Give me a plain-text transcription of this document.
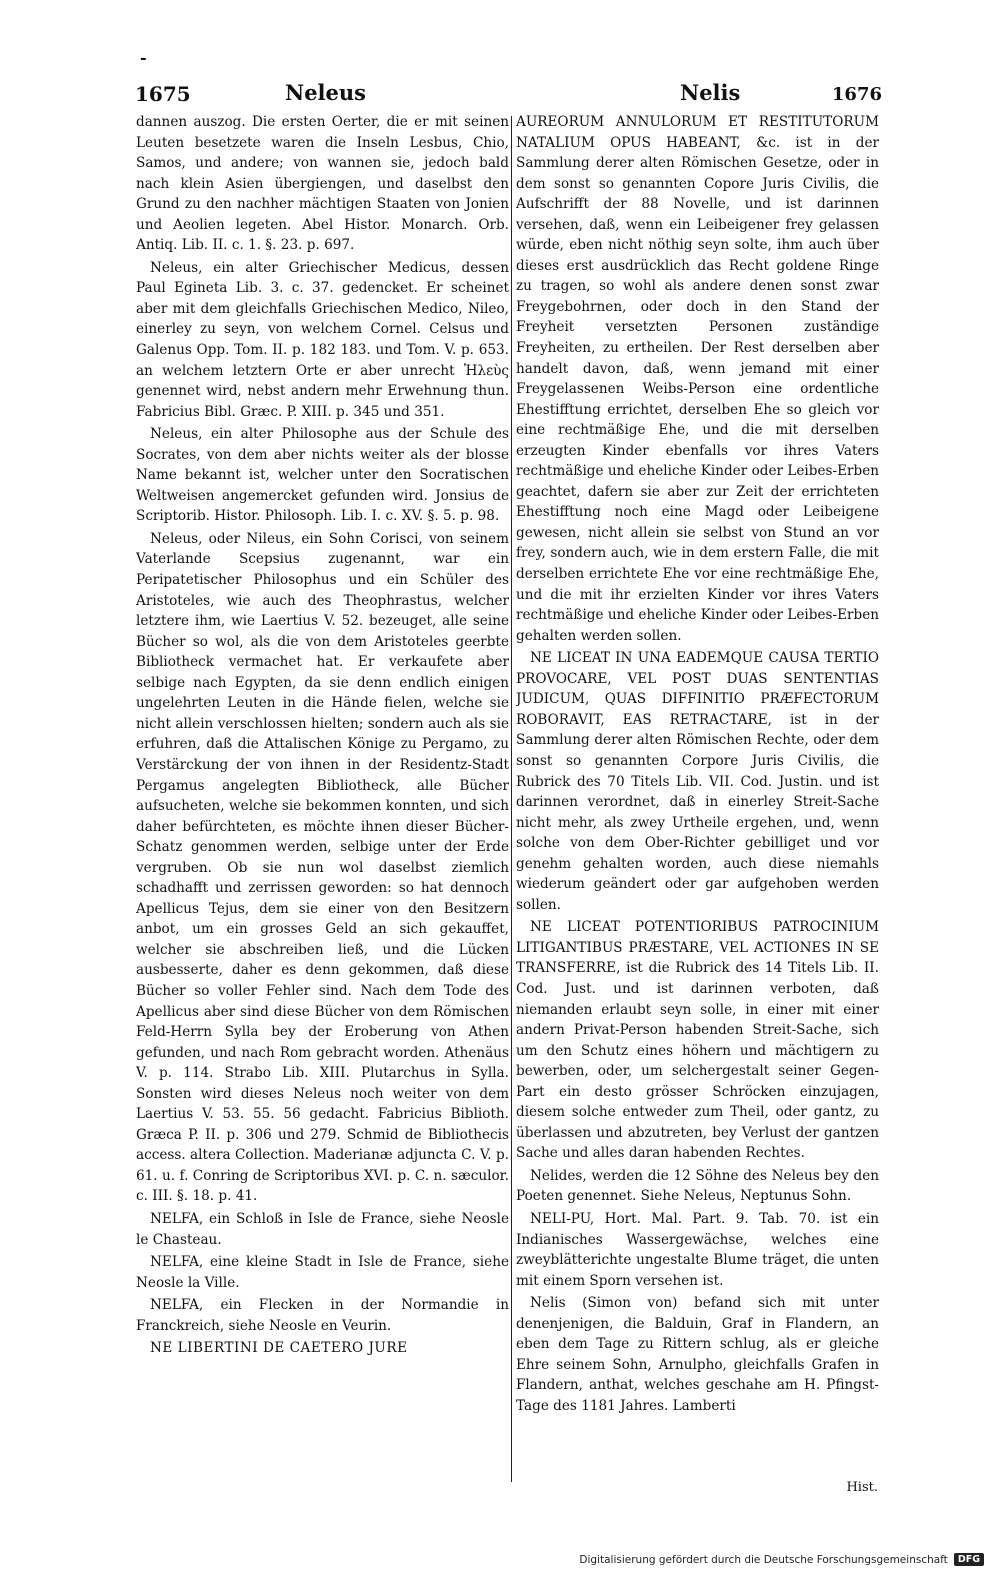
-
1675	Neleus	Nelis	1676

dannen auszog. Die ersten Oerter, die er mit seinen Leuten besetzete waren die Inseln Lesbus, Chio, Samos, und andere; von wannen sie, jedoch bald nach klein Asien übergiengen, und daselbst den Grund zu den nachher mächtigen Staaten von Jonien und Aeolien legeten. Abel Histor. Monarch. Orb. Antiq. Lib. II. c. 1. §. 23. p. 697.

Neleus, ein alter Griechischer Medicus, dessen Paul Egineta Lib. 3. c. 37. gedencket. Er scheinet aber mit dem gleichfalls Griechischen Medico, Nileo, einerley zu seyn, von welchem Cornel. Celsus und Galenus Opp. Tom. II. p. 182 183. und Tom. V. p. 653. an welchem letztern Orte er aber unrecht Ἠλεὺς genennet wird, nebst andern mehr Erwehnung thun. Fabricius Bibl. Græc. P. XIII. p. 345 und 351.

Neleus, ein alter Philosophe aus der Schule des Socrates, von dem aber nichts weiter als der blosse Name bekannt ist, welcher unter den Socratischen Weltweisen angemercket gefunden wird. Jonsius de Scriptorib. Histor. Philosoph. Lib. I. c. XV. §. 5. p. 98.

Neleus, oder Nileus, ein Sohn Corisci, von seinem Vaterlande Scepsius zugenannt, war ein Peripatetischer Philosophus und ein Schüler des Aristoteles, wie auch des Theophrastus, welcher letztere ihm, wie Laertius V. 52. bezeuget, alle seine Bücher so wol, als die von dem Aristoteles geerbte Bibliotheck vermachet hat. Er verkaufete aber selbige nach Egypten, da sie denn endlich einigen ungelehrten Leuten in die Hände fielen, welche sie nicht allein verschlossen hielten; sondern auch als sie erfuhren, daß die Attalischen Könige zu Pergamo, zu Verstärckung der von ihnen in der Residentz-Stadt Pergamus angelegten Bibliotheck, alle Bücher aufsucheten, welche sie bekommen konnten, und sich daher befürchteten, es möchte ihnen dieser Bücher-Schatz genommen werden, selbige unter der Erde vergruben. Ob sie nun wol daselbst ziemlich schadhafft und zerrissen geworden: so hat dennoch Apellicus Tejus, dem sie einer von den Besitzern anbot, um ein grosses Geld an sich gekauffet, welcher sie abschreiben ließ, und die Lücken ausbesserte, daher es denn gekommen, daß diese Bücher so voller Fehler sind. Nach dem Tode des Apellicus aber sind diese Bücher von dem Römischen Feld-Herrn Sylla bey der Eroberung von Athen gefunden, und nach Rom gebracht worden. Athenäus V. p. 114. Strabo Lib. XIII. Plutarchus in Sylla. Sonsten wird dieses Neleus noch weiter von dem Laertius V. 53. 55. 56 gedacht. Fabricius Biblioth. Græca P. II. p. 306 und 279. Schmid de Bibliothecis access. altera Collection. Maderianæ adjuncta C. V. p. 61. u. f. Conring de Scriptoribus XVI. p. C. n. sæculor. c. III. §. 18. p. 41.

NELFA, ein Schloß in Isle de France, siehe Neosle le Chasteau.

NELFA, eine kleine Stadt in Isle de France, siehe Neosle la Ville.

NELFA, ein Flecken in der Normandie in Franckreich, siehe Neosle en Veurin.

NE LIBERTINI DE CAETERO JURE

AUREORUM ANNULORUM ET RESTITUTORUM NATALIUM OPUS HABEANT, &c. ist in der Sammlung derer alten Römischen Gesetze, oder in dem sonst so genannten Copore Juris Civilis, die Aufschrifft der 88 Novelle, und ist darinnen versehen, daß, wenn ein Leibeigener frey gelassen würde, eben nicht nöthig seyn solte, ihm auch über dieses erst ausdrücklich das Recht goldene Ringe zu tragen, so wohl als andere denen sonst zwar Freygebohrnen, oder doch in den Stand der Freyheit versetzten Personen zuständige Freyheiten, zu ertheilen. Der Rest derselben aber handelt davon, daß, wenn jemand mit einer Freygelassenen Weibs-Person eine ordentliche Ehestifftung errichtet, derselben Ehe so gleich vor eine rechtmäßige Ehe, und die mit derselben erzeugten Kinder ebenfalls vor ihres Vaters rechtmäßige und eheliche Kinder oder Leibes-Erben geachtet, dafern sie aber zur Zeit der errichteten Ehestifftung noch eine Magd oder Leibeigene gewesen, nicht allein sie selbst von Stund an vor frey, sondern auch, wie in dem erstern Falle, die mit derselben errichtete Ehe vor eine rechtmäßige Ehe, und die mit ihr erzielten Kinder vor ihres Vaters rechtmäßige und eheliche Kinder oder Leibes-Erben gehalten werden sollen.

NE LICEAT IN UNA EADEMQUE CAUSA TERTIO PROVOCARE, VEL POST DUAS SENTENTIAS JUDICUM, QUAS DIFFINITIO PRÆFECTORUM ROBORAVIT, EAS RETRACTARE, ist in der Sammlung derer alten Römischen Rechte, oder dem sonst so genannten Corpore Juris Civilis, die Rubrick des 70 Titels Lib. VII. Cod. Justin. und ist darinnen verordnet, daß in einerley Streit-Sache nicht mehr, als zwey Urtheile ergehen, und, wenn solche von dem Ober-Richter gebilliget und vor genehm gehalten worden, auch diese niemahls wiederum geändert oder gar aufgehoben werden sollen.

NE LICEAT POTENTIORIBUS PATROCINIUM LITIGANTIBUS PRÆSTARE, VEL ACTIONES IN SE TRANSFERRE, ist die Rubrick des 14 Titels Lib. II. Cod. Just. und ist darinnen verboten, daß niemanden erlaubt seyn solle, in einer mit einer andern Privat-Person habenden Streit-Sache, sich um den Schutz eines höhern und mächtigern zu bewerben, oder, um selchergestalt seiner Gegen-Part ein desto grösser Schröcken einzujagen, diesem solche entweder zum Theil, oder gantz, zu überlassen und abzutreten, bey Verlust der gantzen Sache und alles daran habenden Rechtes.

Nelides, werden die 12 Söhne des Neleus bey den Poeten genennet. Siehe Neleus, Neptunus Sohn.

NELI-PU, Hort. Mal. Part. 9. Tab. 70. ist ein Indianisches Wassergewächse, welches eine zweyblätterichte ungestalte Blume träget, die unten mit einem Sporn versehen ist.

Nelis (Simon von) befand sich mit unter denenjenigen, die Balduin, Graf in Flandern, an eben dem Tage zu Rittern schlug, als er gleiche Ehre seinem Sohn, Arnulpho, gleichfalls Grafen in Flandern, anthat, welches geschahe am H. Pfingst-Tage des 1181 Jahres. Lamberti

Hist.
Digitalisierung gefördert durch die Deutsche Forschungsgemeinschaft	DFG
